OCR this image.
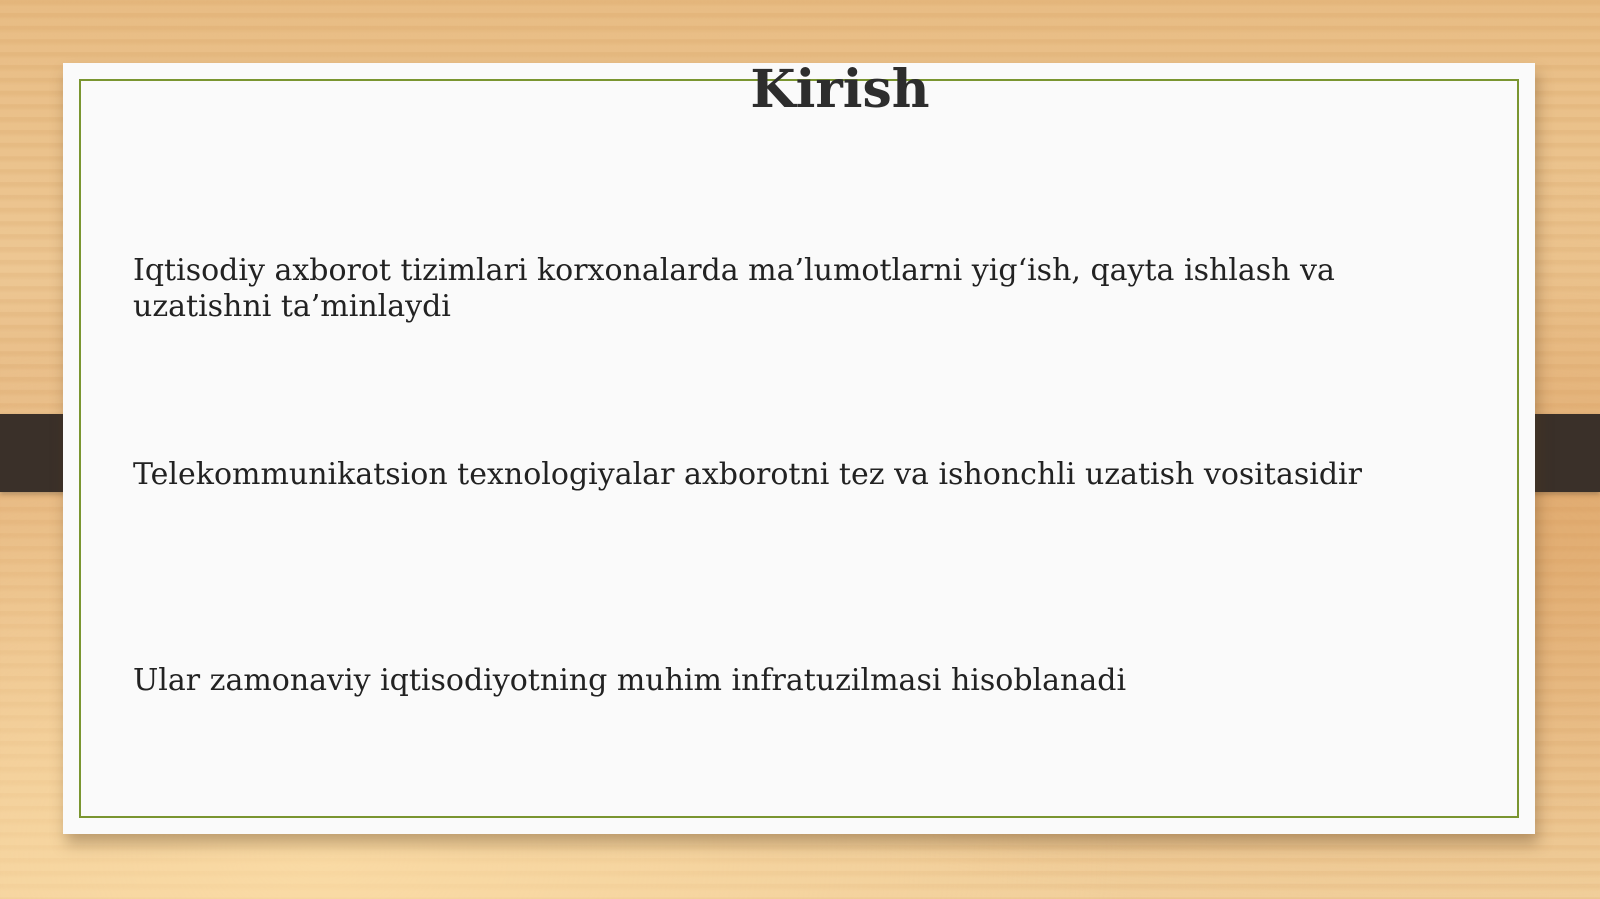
Kirish

Iqtisodiy axborot tizimlari korxonalarda ma’lumotlarni yig‘ish, qayta ishlash va uzatishni ta’minlaydi

Telekommunikatsion texnologiyalar axborotni tez va ishonchli uzatish vositasidir

Ular zamonaviy iqtisodiyotning muhim infratuzilmasi hisoblanadi
